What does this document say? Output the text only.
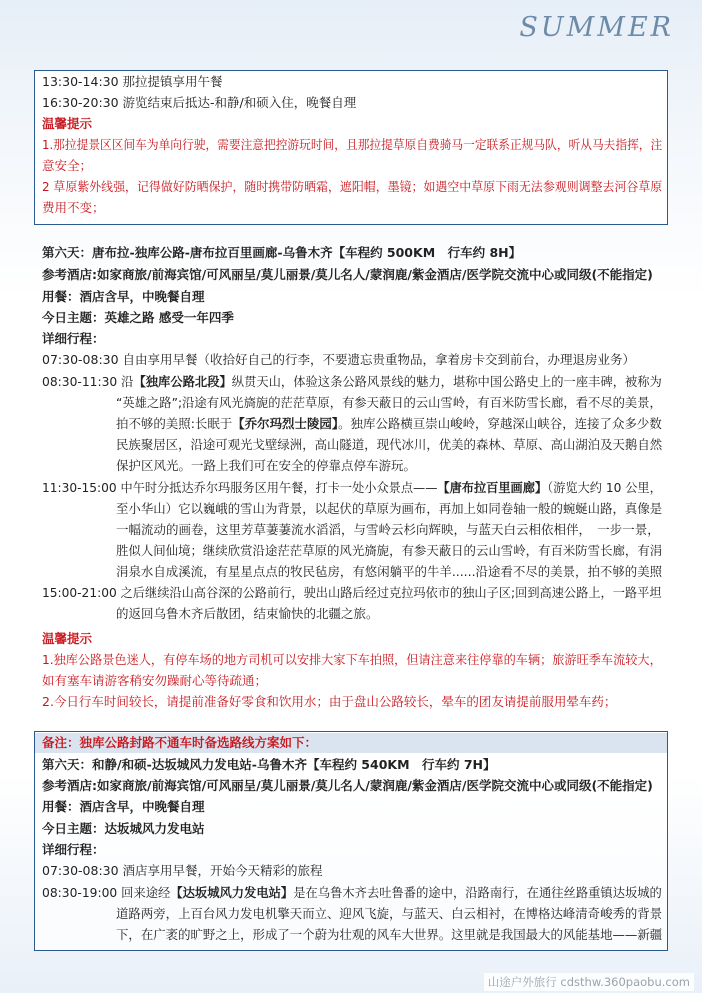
SUMMER
13:30-14:30 那拉提镇享用午餐
16:30-20:30 游览结束后抵达-和静/和硕入住，晚餐自理
温馨提示
1.那拉提景区区间车为单向行驶，需要注意把控游玩时间，且那拉提草原自费骑马一定联系正规马队，听从马夫指挥，注
意安全；
2 草原紫外线强，记得做好防晒保护，随时携带防晒霜，遮阳帽，墨镜；如遇空中草原下雨无法参观则调整去河谷草原
费用不变；
第六天：唐布拉-独库公路-唐布拉百里画廊-乌鲁木齐【车程约 500KM　行车约 8H】
参考酒店:如家商旅/前海宾馆/可风丽呈/莫儿丽景/莫儿名人/蒙润鹿/紫金酒店/医学院交流中心或同级(不能指定)
用餐：酒店含早，中晚餐自理
今日主题：英雄之路 感受一年四季
详细行程：
07:30-08:30 自由享用早餐（收拾好自己的行李，不要遗忘贵重物品，拿着房卡交到前台，办理退房业务）
08:30-11:30 沿【独库公路北段】纵贯天山，体验这条公路风景线的魅力，堪称中国公路史上的一座丰碑，被称为
“英雄之路”;沿途有风光旖旎的茫茫草原，有参天蔽日的云山雪岭，有百米防雪长廊，看不尽的美景，
拍不够的美照:长眠于【乔尔玛烈士陵园】。独库公路横亘崇山峻岭，穿越深山峡谷，连接了众多少数
民族聚居区，沿途可观光戈壁绿洲，高山隧道，现代冰川，优美的森林、草原、高山湖泊及天鹅自然
保护区风光。一路上我们可在安全的停靠点停车游玩。
11:30-15:00 中午时分抵达乔尔玛服务区用午餐，打卡一处小众景点——【唐布拉百里画廊】（游览大约 10 公里，
至小华山）它以巍峨的雪山为背景，以起伏的草原为画布，再加上如同卷轴一般的蜿蜒山路，真像是
一幅流动的画卷，这里芳草萋萋流水滔滔，与雪岭云杉向辉映，与蓝天白云相依相伴，　一步一景，
胜似人间仙境；继续欣赏沿途茫茫草原的风光旖旎，有参天蔽日的云山雪岭，有百米防雪长廊，有涓
涓泉水自成溪流，有星星点点的牧民毡房，有悠闲躺平的牛羊......沿途看不尽的美景，拍不够的美照
15:00-21:00 之后继续沿山高谷深的公路前行，驶出山路后经过克拉玛依市的独山子区;回到高速公路上，一路平坦
的返回乌鲁木齐后散团，结束愉快的北疆之旅。
温馨提示
1.独库公路景色迷人，有停车场的地方司机可以安排大家下车拍照，但请注意来往停靠的车辆；旅游旺季车流较大，
如有塞车请游客稍安勿躁耐心等待疏通；
2.今日行车时间较长，请提前准备好零食和饮用水；由于盘山公路较长，晕车的团友请提前服用晕车药；
备注：独库公路封路不通车时备选路线方案如下：
第六天：和静/和硕-达坂城风力发电站-乌鲁木齐【车程约 540KM　行车约 7H】
参考酒店:如家商旅/前海宾馆/可风丽呈/莫儿丽景/莫儿名人/蒙润鹿/紫金酒店/医学院交流中心或同级(不能指定)
用餐：酒店含早，中晚餐自理
今日主题：达坂城风力发电站
详细行程：
07:30-08:30 酒店享用早餐，开始今天精彩的旅程
08:30-19:00 回来途经【达坂城风力发电站】是在乌鲁木齐去吐鲁番的途中，沿路南行，在通往丝路重镇达坂城的
道路两旁，上百台风力发电机擎天而立、迎风飞旋，与蓝天、白云相衬，在博格达峰清奇峻秀的背景
下，在广袤的旷野之上，形成了一个蔚为壮观的风车大世界。这里就是我国最大的风能基地——新疆
山途户外旅行 cdsthw.360paobu.com
